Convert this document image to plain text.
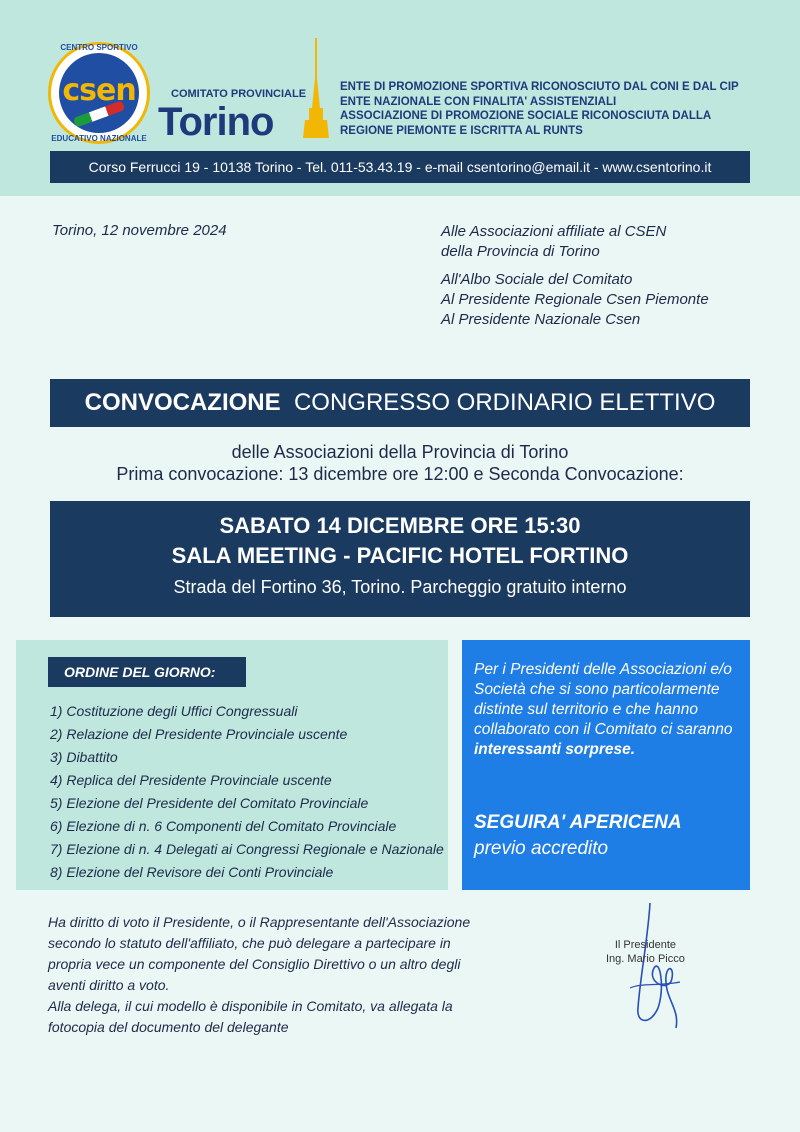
CENTRO SPORTIVO
csen
EDUCATIVO NAZIONALE
COMITATO PROVINCIALE
Torino
ENTE DI PROMOZIONE SPORTIVA RICONOSCIUTO DAL CONI E DAL CIP
ENTE NAZIONALE CON FINALITA' ASSISTENZIALI
ASSOCIAZIONE DI PROMOZIONE SOCIALE RICONOSCIUTA DALLA
REGIONE PIEMONTE E ISCRITTA AL RUNTS
Corso Ferrucci 19 - 10138 Torino - Tel. 011-53.43.19 - e-mail csentorino@email.it - www.csentorino.it
Torino, 12 novembre 2024	Alle Associazioni affiliate al CSEN
della Provincia di Torino
All'Albo Sociale del Comitato
Al Presidente Regionale Csen Piemonte
Al Presidente Nazionale Csen
CONVOCAZIONE CONGRESSO ORDINARIO ELETTIVO
delle Associazioni della Provincia di Torino
Prima convocazione: 13 dicembre ore 12:00 e Seconda Convocazione:
SABATO 14 DICEMBRE ORE 15:30
SALA MEETING - PACIFIC HOTEL FORTINO
Strada del Fortino 36, Torino. Parcheggio gratuito interno
ORDINE DEL GIORNO:
1) Costituzione degli Uffici Congressuali
2) Relazione del Presidente Provinciale uscente
3) Dibattito
4) Replica del Presidente Provinciale uscente
5) Elezione del Presidente del Comitato Provinciale
6) Elezione di n. 6 Componenti del Comitato Provinciale
7) Elezione di n. 4 Delegati ai Congressi Regionale e Nazionale
8) Elezione del Revisore dei Conti Provinciale
Per i Presidenti delle Associazioni e/o Società che si sono particolarmente distinte sul territorio e che hanno collaborato con il Comitato ci saranno interessanti sorprese.
SEGUIRA' APERICENA
previo accredito
Ha diritto di voto il Presidente, o il Rappresentante dell'Associazione secondo lo statuto dell'affiliato, che può delegare a partecipare in propria vece un componente del Consiglio Direttivo o un altro degli aventi diritto a voto.
Alla delega, il cui modello è disponibile in Comitato, va allegata la fotocopia del documento del delegante
Il Presidente
Ing. Mario Picco
